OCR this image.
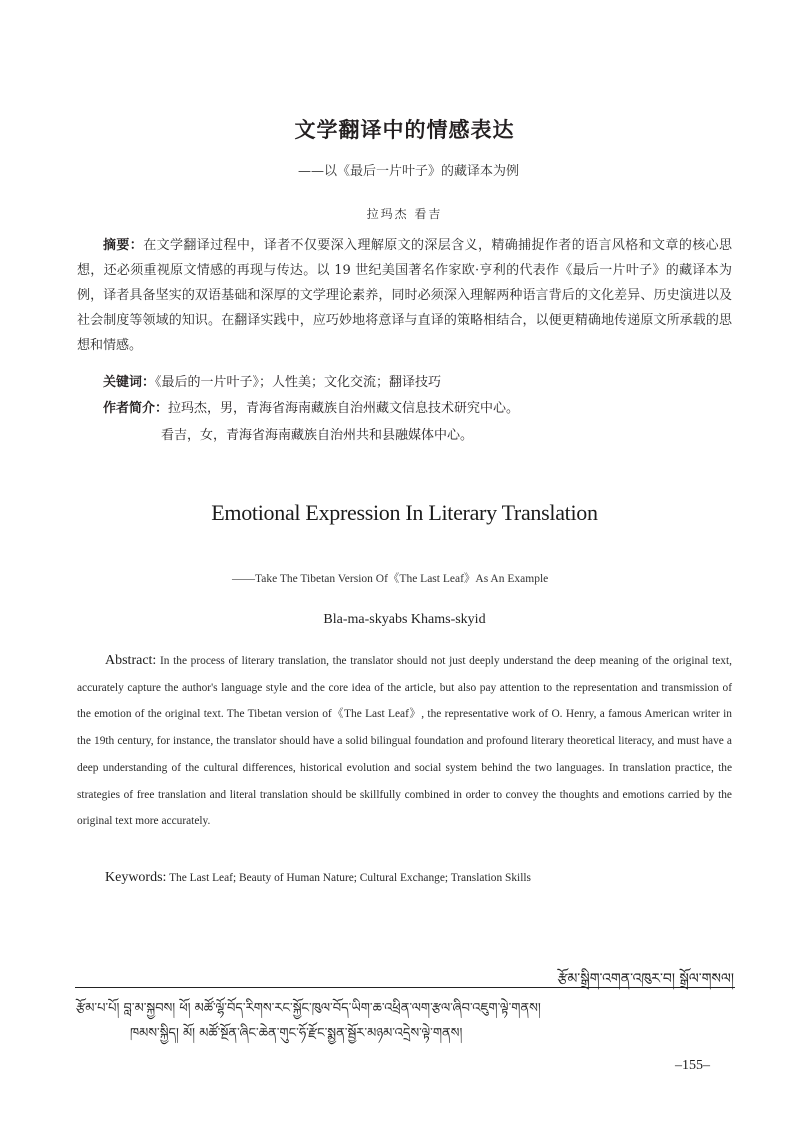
文学翻译中的情感表达
——以《最后一片叶子》的藏译本为例
拉玛杰 看吉
摘要：在文学翻译过程中，译者不仅要深入理解原文的深层含义，精确捕捉作者的语言风格和文章的核心思想，还必须重视原文情感的再现与传达。以 19 世纪美国著名作家欧·亨利的代表作《最后一片叶子》的藏译本为例，译者具备坚实的双语基础和深厚的文学理论素养，同时必须深入理解两种语言背后的文化差异、历史演进以及社会制度等领域的知识。在翻译实践中，应巧妙地将意译与直译的策略相结合，以便更精确地传递原文所承载的思想和情感。
关键词：《最后的一片叶子》；人性美；文化交流；翻译技巧
作者简介：拉玛杰，男，青海省海南藏族自治州藏文信息技术研究中心。
看吉，女，青海省海南藏族自治州共和县融媒体中心。
Emotional Expression In Literary Translation
——Take The Tibetan Version Of《The Last Leaf》As An Example
Bla-ma-skyabs Khams-skyid
Abstract: In the process of literary translation, the translator should not just deeply understand the deep meaning of the original text, accurately capture the author's language style and the core idea of the article, but also pay attention to the representation and transmission of the emotion of the original text. The Tibetan version of《The Last Leaf》, the representative work of O. Henry, a famous American writer in the 19th century, for instance, the translator should have a solid bilingual foundation and profound literary theoretical literacy, and must have a deep understanding of the cultural differences, historical evolution and social system behind the two languages. In translation practice, the strategies of free translation and literal translation should be skillfully combined in order to convey the thoughts and emotions carried by the original text more accurately.
Keywords: The Last Leaf; Beauty of Human Nature; Cultural Exchange; Translation Skills
རྩོམ་སྒྲིག་འགན་འཁུར་བ། སྒྲོལ་གསལ།
རྩོམ་པ་པོ། བླ་མ་སྐྱབས། ཕོ། མཚོ་ལྷོ་བོད་རིགས་རང་སྐྱོང་ཁུལ་བོད་ཡིག་ཆ་འཕྲིན་ལག་རྩལ་ཞིབ་འཇུག་ལྟེ་གནས།
ཁམས་སྐྱིད། མོ། མཚོ་སྔོན་ཞིང་ཆེན་གུང་ཧོ་རྫོང་སྨྱན་སྦྱོར་མཉམ་འདྲེས་ལྟེ་གནས།
–155–
